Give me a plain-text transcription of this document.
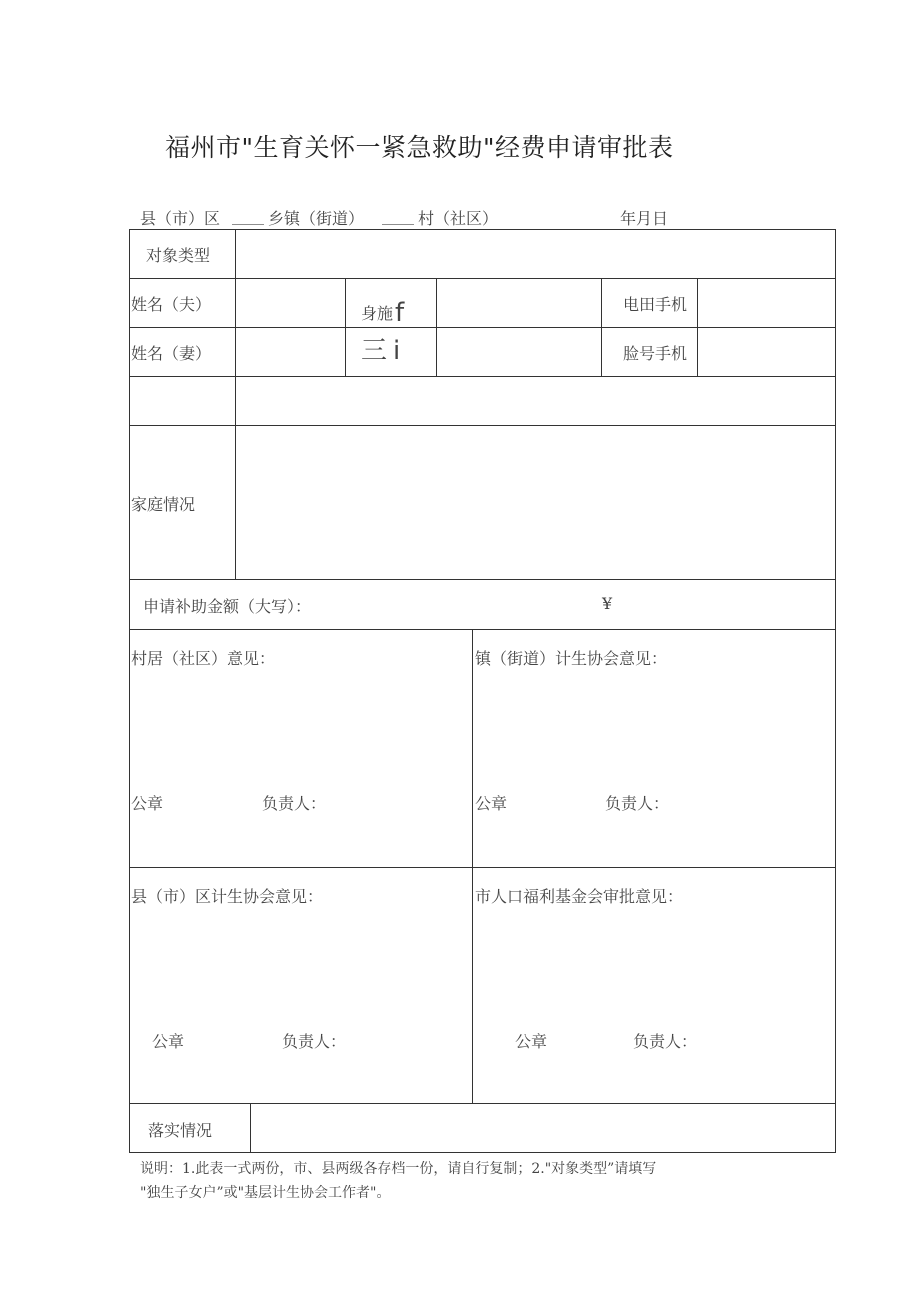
福州市"生育关怀一紧急救助"经费申请审批表
县（市）区 ____ 乡镇（街道） ____ 村（社区）	年月日
对象类型
姓名（夫）	身施f	电田手机
姓名（妻）	三 i	脸号手机
家庭情况
申请补助金额（大写）：	¥
村居（社区）意见：
公章	负责人：
镇（街道）计生协会意见：
公章	负责人：
县（市）区计生协会意见：
公章	负责人：
市人口福利基金会审批意见：
公章	负责人：
落实情况
说明：1.此表一式两份，市、县两级各存档一份，请自行复制；2."对象类型”请填写
"独生子女户”或"基层计生协会工作者"。
